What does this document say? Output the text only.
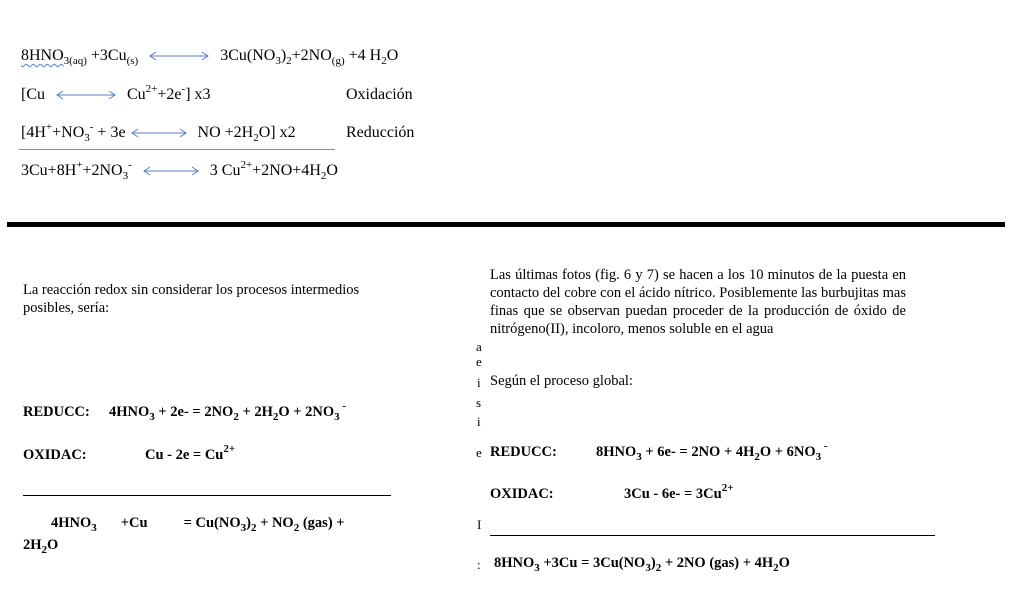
$8HNO_{3(aq)} +3Cu_{(s)}$	$3Cu(NO_3)_2+2NO_{(g)} +4$ $H_2O$
[Cu	$Cu^{2+}+2e^-$] x3	Oxidación
[$4H^++NO_3^- + 3e$	NO $+2H_2O$] x2	Reducción
$3Cu+8H^++2NO_3^-$	3 $Cu^{2+}+2NO+4H_2O$
La reacción redox sin considerar los procesos intermedios posibles, sería:
REDUCC: $4HNO_3 + 2e- = 2NO_2 + 2H_2O + 2NO_3$ -
OXIDAC:	$Cu - 2e = Cu^{2+}$
$4HNO_3 +Cu = Cu(NO_3)_2 + NO_2$ (gas) +
$2H_2O$
a
e
i
s
i
e
I
:
Las últimas fotos (fig. 6 y 7) se hacen a los 10 minutos de la puesta en contacto del cobre con el ácido nítrico. Posiblemente las burbujitas mas finas que se observan puedan proceder de la producción de óxido de nitrógeno(II), incoloro, menos soluble en el agua
Según el proceso global:
REDUCC:	$8HNO_3 + 6e- = 2NO + 4H_2O + 6NO_3$ -
OXIDAC:	$3Cu - 6e- = 3Cu^{2+}$
$8HNO_3 +3Cu = 3Cu(NO_3)_2 + 2NO$ $(gas) + 4H_2O$
